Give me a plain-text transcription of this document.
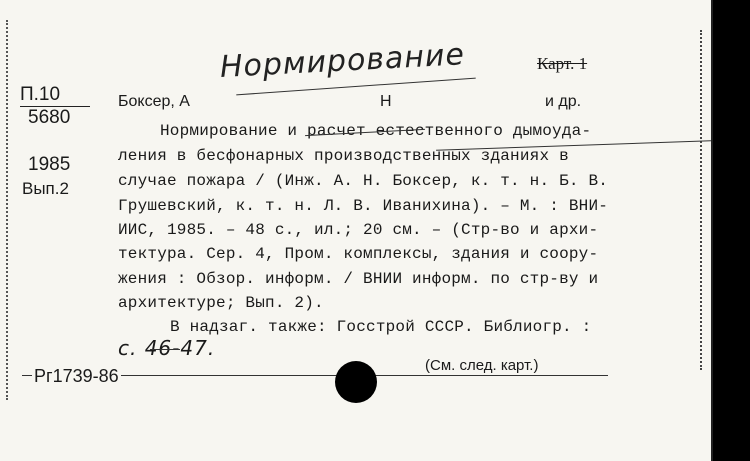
Нормирование	Карт. 1
П.10
5680
1985
Вып.2
Боксер, А	Н	и др.
Нормирование и расчет естественного дымоуда-
ления в бесфонарных производственных зданиях в
случае пожара / (Инж. А. Н. Боксер, к. т. н. Б. В.
Грушевский, к. т. н. Л. В. Иванихина). – М. : ВНИ-
ИИС, 1985. – 48 с., ил.; 20 см. – (Стр-во и архи-
тектура. Сер. 4, Пром. комплексы, здания и соору-
жения : Обзор. информ. / ВНИИ информ. по стр-ву и
архитектуре; Вып. 2).
В надзаг. также: Госстрой СССР. Библиогр. :
с. 46-47.
Рг1739-86
(См. след. карт.)
